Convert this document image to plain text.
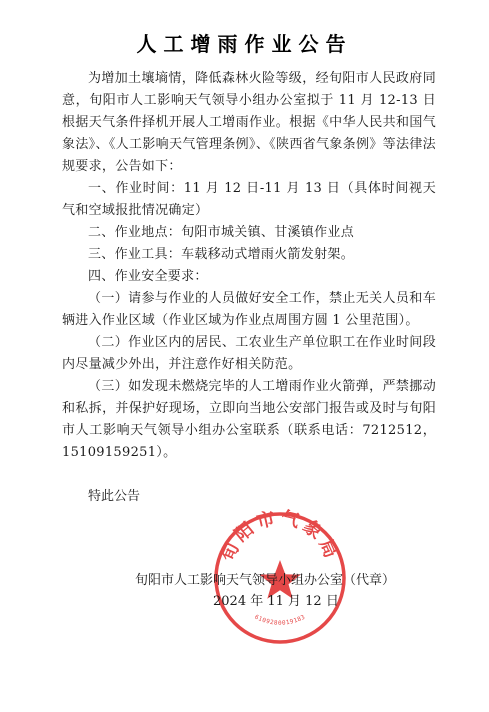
人工增雨作业公告

为增加土壤墒情，降低森林火险等级，经旬阳市人民政府同意，旬阳市人工影响天气领导小组办公室拟于 11 月 12-13 日根据天气条件择机开展人工增雨作业。根据《中华人民共和国气象法》、《人工影响天气管理条例》、《陕西省气象条例》等法律法规要求，公告如下：

一、作业时间：11 月 12 日-11 月 13 日（具体时间视天气和空域报批情况确定）

二、作业地点：旬阳市城关镇、甘溪镇作业点

三、作业工具：车载移动式增雨火箭发射架。

四、作业安全要求：

（一）请参与作业的人员做好安全工作，禁止无关人员和车辆进入作业区域（作业区域为作业点周围方圆 1 公里范围）。

（二）作业区内的居民、工农业生产单位职工在作业时间段内尽量减少外出，并注意作好相关防范。

（三）如发现未燃烧完毕的人工增雨作业火箭弹，严禁挪动和私拆，并保护好现场，立即向当地公安部门报告或及时与旬阳市人工影响天气领导小组办公室联系（联系电话：7212512，15109159251）。

特此公告

旬阳市气象局
6109280019183

旬阳市人工影响天气领导小组办公室（代章）

2024 年 11 月 12 日
